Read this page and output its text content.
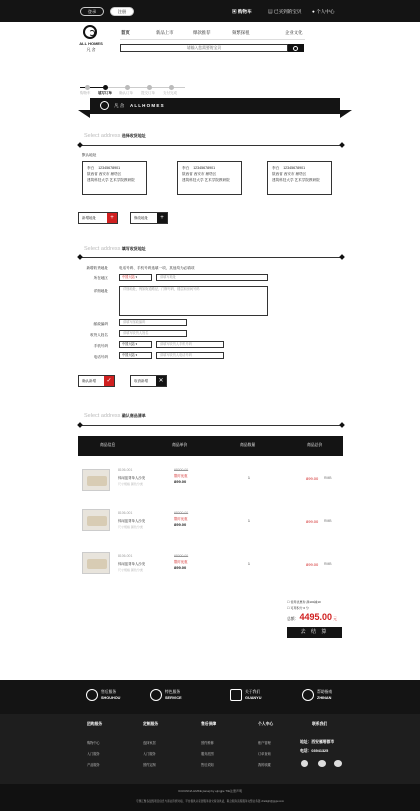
登录	注册	▣ 购物车	▤ 已买到的宝贝 ● 个人中心
ALL HOMES
凡 舍
首页	新品上市	爆款推荐	频繁探租	企业文化
请输入您需要的宝贝
购物车 填写订单 确认订单 提交订单 支付完成
凡 舍 A L L H O M E S
Select address 选择收货地址
默认地址
李白 12345678901
陕西省 西安市 雁塔区
建筑科技大学 艺术学院教研院
李白 12345678901
陕西省 西安市 雁塔区
建筑科技大学 艺术学院教研院
李白 12345678901
陕西省 西安市 雁塔区
建筑科技大学 艺术学院教研院
新增地址	+	修改地址	+
Select address 填写收货地址
新增收货地址	电话号码、手机号码选填一项，其他均为必填项
所在地区	中国大陆 ▾	请填写地址
详细地址	详细地址，例如街道路径，门牌号码，楼层和房间号码
邮政编码	请填写邮政编码
收货人姓名	请填写收货人姓名
手机号码	中国大陆 ▾	请填写收货人手机号码
电话号码	中国大陆 ▾	请填写收货人电话号码
确认新增	✓	取消新增	✕
Select address 确认商品清单
商品信息	商品单价	商品数量	商品总价
8106-001
休闲蓝背单人沙发
尺寸规格 颜色分类
¥8000.00
限时优惠
899.00
1	899.00 RMB
8106-001
休闲蓝背单人沙发
尺寸规格 颜色分类
¥8000.00
限时优惠
899.00
1	899.00 RMB
8106-001
休闲蓝背单人沙发
尺寸规格 颜色分类
¥8000.00
限时优惠
899.00
1	899.00 RMB
☐ 使用优惠券 满100减10
☐ 可用积分 0 分
总额： 4495.00 元
去 结 算
售后服务
SHOUHOU
特色服务
SERVICE
关于我们
GUANYU
帮助指南
ZHINAN
团购服务
购物中心
入门服务
产品服务
定制服务
选择家居
入门服务
预约定制
售后保障
预约维修
服务范围
售后须知
个人中心
账户管理
订单查询
我的收藏
联系我们
地址：西安雁塔都市
电话：03941325
ICUIUNNA HMKE jianaji by ejingjie TIE注册声明
专题汇聚各层级项目信息与商业资源对接，平台提供从家居服务到交易到供货，联合服务流程服务完整业务链 chelkgh@jyjgw.com
